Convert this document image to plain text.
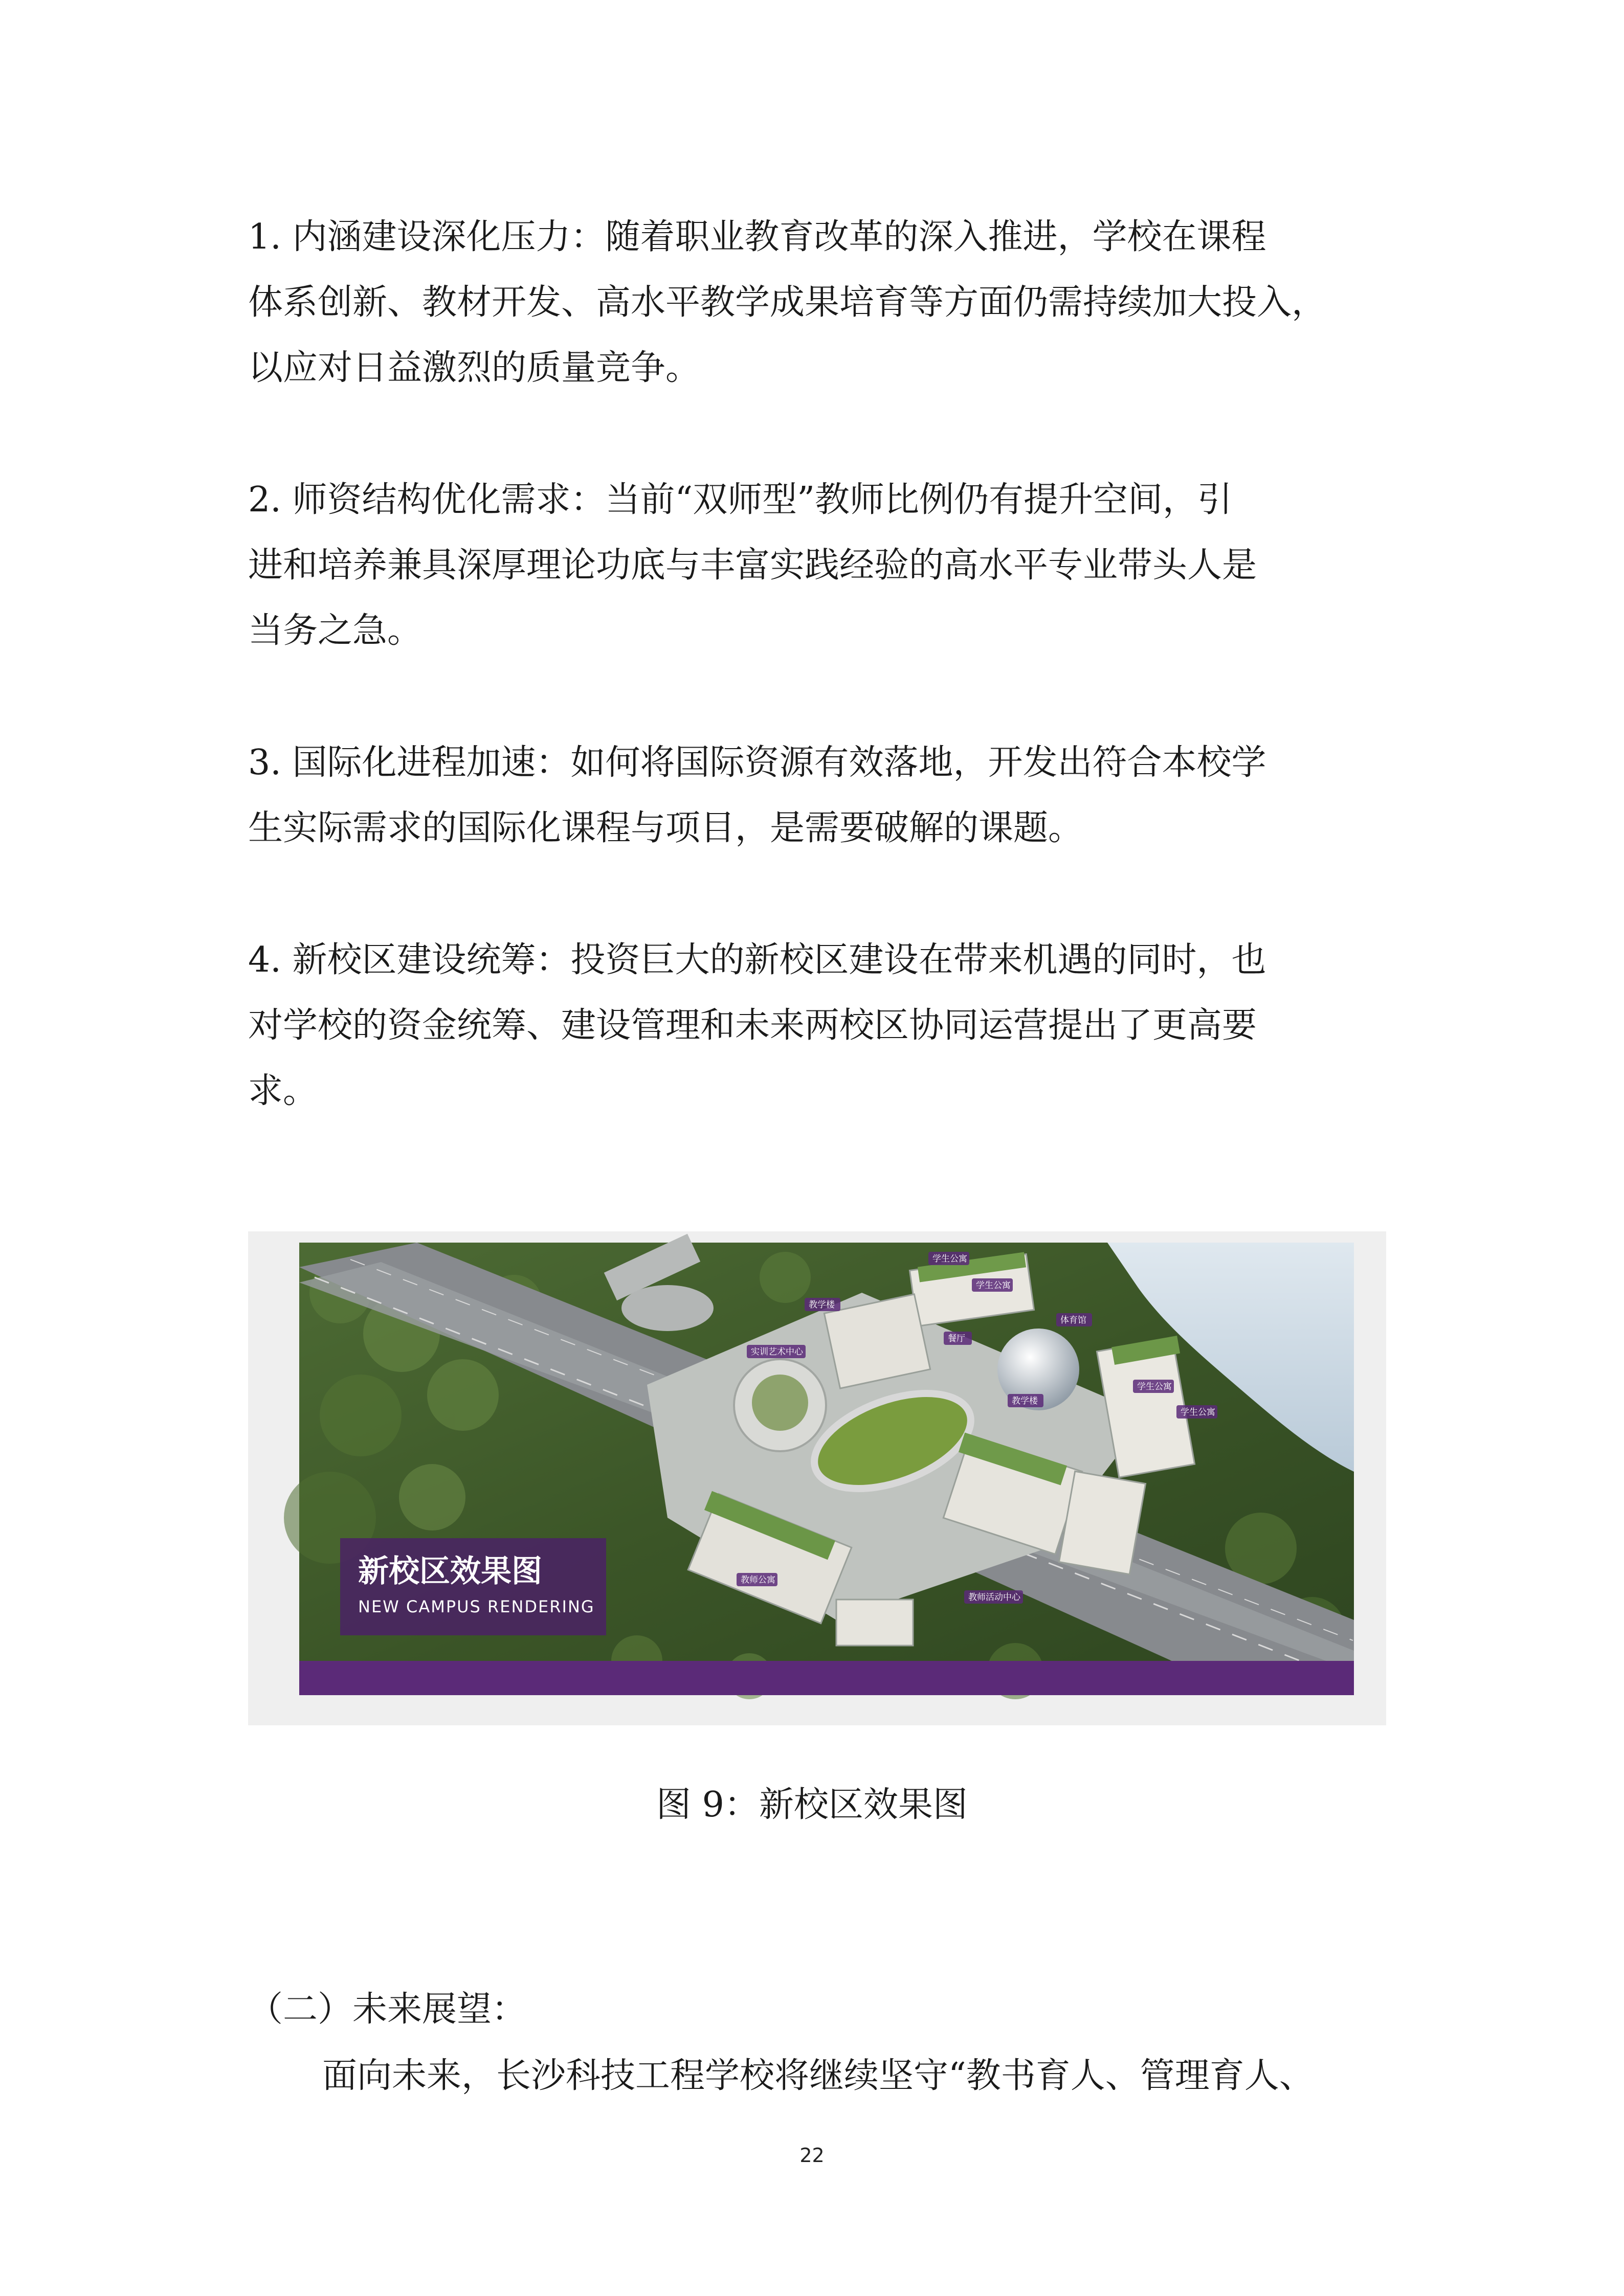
1. 内涵建设深化压力：随着职业教育改革的深入推进，学校在课程
体系创新、教材开发、高水平教学成果培育等方面仍需持续加大投入，
以应对日益激烈的质量竞争。
2. 师资结构优化需求：当前“双师型”教师比例仍有提升空间，引
进和培养兼具深厚理论功底与丰富实践经验的高水平专业带头人是
当务之急。
3. 国际化进程加速：如何将国际资源有效落地，开发出符合本校学
生实际需求的国际化课程与项目，是需要破解的课题。
4. 新校区建设统筹：投资巨大的新校区建设在带来机遇的同时，也
对学校的资金统筹、建设管理和未来两校区协同运营提出了更高要
求。
学生公寓
教学楼
学生公寓
体育馆
餐厅
实训艺术中心
学生公寓
教学楼
学生公寓
教师公寓
教师活动中心
新校区效果图
NEW CAMPUS RENDERING
图 9：新校区效果图
（二）未来展望：
面向未来，长沙科技工程学校将继续坚守“教书育人、管理育人、
22
